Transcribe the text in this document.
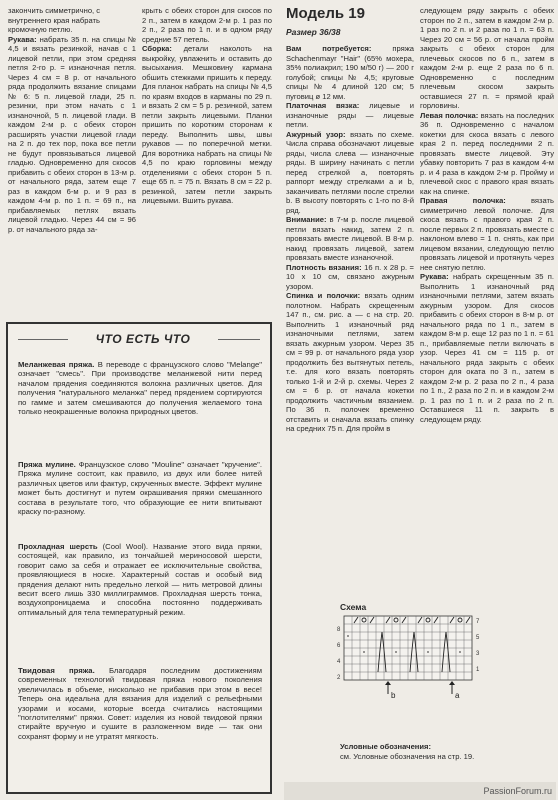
закончить симметрично, с

внутреннего края набрать

кромочную петлю.

Рукава: набрать 35 п. на спицы № 4,5 и вязать резинкой, начав с 1 лицевой петли, при этом средняя петля 2-го р. = изнаночная петля. Через 4 см = 8 р. от начального ряда продолжить вязание спицами № 6: 5 п. лицевой глади, 25 п. резинки, при этом начать с 1 изнаночной, 5 п. лицевой глади. В каждом 2-м р. с обеих сторон расширять участки лицевой глади на 2 п. до тех пор, пока все петли не будут провязываться лицевой гладью. Одновременно для скосов прибавить с обеих сторон в 13-м р. от начального ряда, затем еще 7 раз в каждом 6-м р. и 9 раз в каждом 4-м р. по 1 п. = 69 п., на прибавляемых петлях вязать лицевой гладью. Через 44 см = 96 р. от начального ряда за-

крыть с обеих сторон для скосов по 2 п., затем в каждом 2-м р. 1 раз по 2 п., 2 раза по 1 п. и в одном ряду средние 57 петель.

Сборка: детали наколоть на выкройку, увлажнить и оставить до высыхания. Мешковину кармана обшить стежками пришить к переду. Для планок набрать на спицы № 4,5 по краям входов в карманы по 29 п. и вязать 2 см = 5 р. резинкой, затем петли закрыть лицевыми. Планки пришить по коротким сторонам к переду. Выполнить швы, швы рукавов — по поперечной метки. Для воротника набрать на спицы № 4,5 по краю горловины между отделениями с обеих сторон 5 п. еще 65 п. = 75 п. Вязать 8 см = 22 р. резинкой, затем петли закрыть лицевыми. Вшить рукава.

ЧТО ЕСТЬ ЧТО

Меланжевая пряжа. В переводе с французского слово "Melange" означает "смесь". При производстве меланжевой нити перед началом прядения соединяются волокна различных цветов. Для получения "натурального меланжа" перед прядением сортируются по гамме и затем смешиваются до получения желаемого тона только неокрашенные волокна природных цветов.

Пряжа мулине. Французское слово "Mouline" означает "кручение". Пряжа мулине состоит, как правило, из двух или более нитей различных цветов или фактур, скрученных вместе. Эффект мулине может быть достигнут и путем окрашивания пряжи смешанного состава в результате того, что образующие ее нити впитывают краску по-разному.

Прохладная шерсть (Cool Wool). Название этого вида пряжи, состоящей, как правило, из тончайшей мериносовой шерсти, говорит само за себя и отражает ее исключительные свойства, проявляющиеся в носке. Характерный состав и особый вид прядения делают нить предельно легкой — нить метровой длины весит всего лишь 330 миллиграммов. Прохладная шерсть тонка, воздухопроницаема и способна постоянно поддерживать оптимальный для тела температурный режим.

Твидовая пряжа. Благодаря последним достижениям современных технологий твидовая пряжа нового поколения увеличилась в объеме, нисколько не прибавив при этом в весе! Теперь она идеальна для вязания для изделий с рельефными узорами и косами, которые всегда считались настоящими "поглотителями" пряжи. Совет: изделия из новой твидовой пряжи стирайте вручную и сушите в разложенном виде — так они сохранят форму и не утратят мягкость.

Модель 19
Размер 36/38

Вам потребуется:	пряжа Schachenmayr "Hair" (65% мохера, 35% полиакрил; 190 м/50 г) — 200 г голубой; спицы № 4,5; круговые спицы № 4 длиной 120 см; 5 пуговиц ø 12 мм.

Платочная вязка: лицевые и изнаночные ряды — лицевые петли.

Ажурный узор: вязать по схеме. Числа справа обозначают лицевые ряды, числа слева — изнаночные ряды. В ширину начинать с петли перед стрелкой a, повторять раппорт между стрелками a и b, заканчивать петлями после стрелки b. В высоту повторять с 1-го по 8-й ряд.

Внимание: в 7-м р. после лицевой петли вязать накид, затем 2 п. провязать вместе лицевой. В 8-м р. накид провязать лицевой, затем провязать вместе изнаночной.

Плотность вязания: 16 п. x 28 р. = 10 x 10 см, связано ажурным узором.

Спинка и полочки: вязать одним полотном. Набрать скрещенным 147 п., см. рис. а — с на стр. 20. Выполнить 1 изнаночный ряд изнаночными петлями, затем вязать ажурным узором. Через 35 см = 99 р. от начального ряда узор продолжить без вытянутых петель, т.е. для кого вязать повторять только 1-й и 2-й р. схемы. Через 2 см = 6 р. от начала кокетки продолжить частичным вязанием. По 36 п. полочек временно отставить и сначала вязать спинку на средних 75 п. Для пройм в

следующем ряду закрыть с обеих сторон по 2 п., затем в каждом 2-м р. 1 раз по 2 п. и 2 раза по 1 п. = 63 п. Через 20 см = 56 р. от начала пройм закрыть с обеих сторон для плечевых скосов по 6 п., затем в каждом 2-м р. еще 2 раза по 6 п. Одновременно с последним плечевым скосом закрыть оставшиеся 27 п. = прямой край горловины.

Левая полочка: вязать на последних 36 п. Одновременно с началом кокетки для скоса вязать с левого края 2 п. перед последними 2 п. провязать вместе лицевой. Эту убавку повторить 7 раз в каждом 4-м р. и 4 раза в каждом 2-м р. Пройму и плечевой скос с правого края вязать как на спинке.

Правая полочка:	вязать симметрично левой полочке. Для скоса вязать с правого края 2 п. после первых 2 п. провязать вместе с наклоном влево = 1 п. снять, как при лицевом вязании, следующую петлю провязать лицевой и протянуть через нее снятую петлю.

Рукава: набрать скрещенным 35 п. Выполнить 1 изнаночный ряд изнаночными петлями, затем вязать ажурным узором. Для скосов прибавить с обеих сторон в 8-м р. от начального ряда по 1 п., затем в каждом 8-м р. еще 12 раз по 1 п. = 61 п., прибавляемые петли включать в узор. Через 41 см = 115 р. от начального ряда закрыть с обеих сторон для оката по 3 п., затем в каждом 2-м р. 2 раза по 2 п., 4 раза по 1 п., 2 раза по 2 п. и в каждом 2-м р. 1 раз по 1 п. и 2 раза по 2 п. Оставшиеся 11 п. закрыть в следующем ряду.

Схема
7
5
3
1
8
6
4
2
b	a
Условные обозначения:
см. Условные обозначения на стр. 19.
PassionForum.ru
